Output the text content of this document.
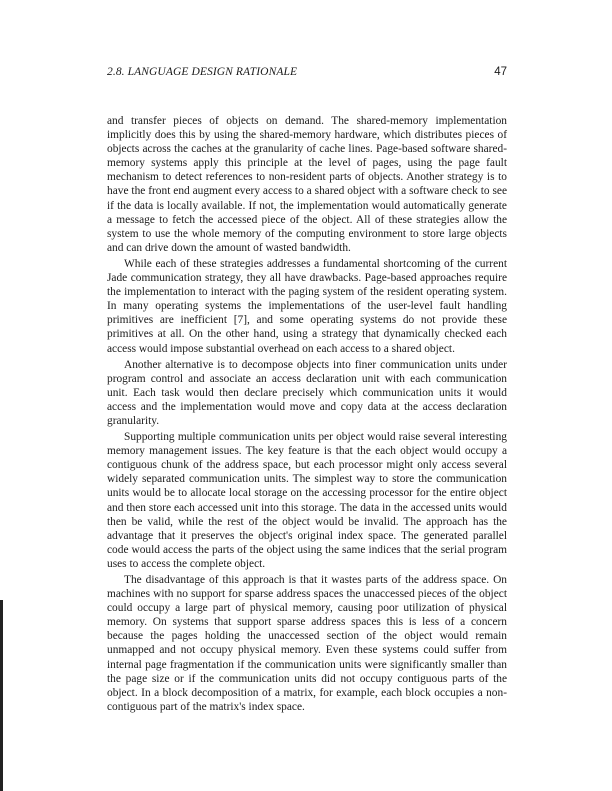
2.8. LANGUAGE DESIGN RATIONALE	47

and transfer pieces of objects on demand. The shared-memory implementation implicitly does this by using the shared-memory hardware, which distributes pieces of objects across the caches at the granularity of cache lines. Page-based software shared-memory systems apply this principle at the level of pages, using the page fault mechanism to detect references to non-resident parts of objects. Another strategy is to have the front end augment every access to a shared object with a software check to see if the data is locally available. If not, the implementation would automatically generate a message to fetch the accessed piece of the object. All of these strategies allow the system to use the whole memory of the computing environment to store large objects and can drive down the amount of wasted bandwidth.

While each of these strategies addresses a fundamental shortcoming of the current Jade communication strategy, they all have drawbacks. Page-based approaches require the implementation to interact with the paging system of the resident operating system. In many operating systems the implementations of the user-level fault handling primitives are inefficient [7], and some operating systems do not provide these primitives at all. On the other hand, using a strategy that dynamically checked each access would impose substantial overhead on each access to a shared object.

Another alternative is to decompose objects into finer communication units under program control and associate an access declaration unit with each communication unit. Each task would then declare precisely which communication units it would access and the implementation would move and copy data at the access declaration granularity.

Supporting multiple communication units per object would raise several interesting memory management issues. The key feature is that the each object would occupy a contiguous chunk of the address space, but each processor might only access several widely separated communication units. The simplest way to store the communication units would be to allocate local storage on the accessing processor for the entire object and then store each accessed unit into this storage. The data in the accessed units would then be valid, while the rest of the object would be invalid. The approach has the advantage that it preserves the object's original index space. The generated parallel code would access the parts of the object using the same indices that the serial program uses to access the complete object.

The disadvantage of this approach is that it wastes parts of the address space. On machines with no support for sparse address spaces the unaccessed pieces of the object could occupy a large part of physical memory, causing poor utilization of physical memory. On systems that support sparse address spaces this is less of a concern because the pages holding the unaccessed section of the object would remain unmapped and not occupy physical memory. Even these systems could suffer from internal page fragmentation if the communication units were significantly smaller than the page size or if the communication units did not occupy contiguous parts of the object. In a block decomposition of a matrix, for example, each block occupies a non-contiguous part of the matrix's index space.
